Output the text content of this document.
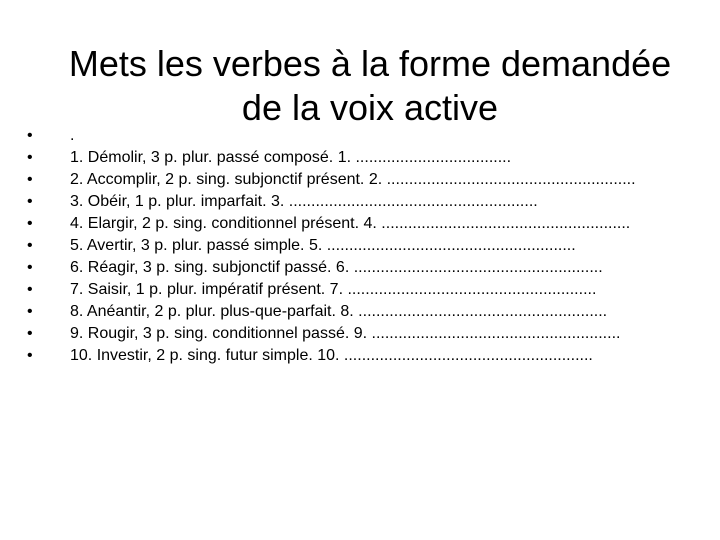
Mets les verbes à la forme demandée
de la voix active
• .
• 1. Démolir, 3 p. plur. passé composé. 1. ...................................
• 2. Accomplir, 2 p. sing. subjonctif présent. 2. ........................................................
• 3. Obéir, 1 p. plur. imparfait. 3. ........................................................
• 4. Elargir, 2 p. sing. conditionnel présent. 4. ........................................................
• 5. Avertir, 3 p. plur. passé simple. 5. ........................................................
• 6. Réagir, 3 p. sing. subjonctif passé. 6. ........................................................
• 7. Saisir, 1 p. plur. impératif présent. 7. ........................................................
• 8. Anéantir, 2 p. plur. plus-que-parfait. 8. ........................................................
• 9. Rougir, 3 p. sing. conditionnel passé. 9. ........................................................
• 10. Investir, 2 p. sing. futur simple. 10. ........................................................
